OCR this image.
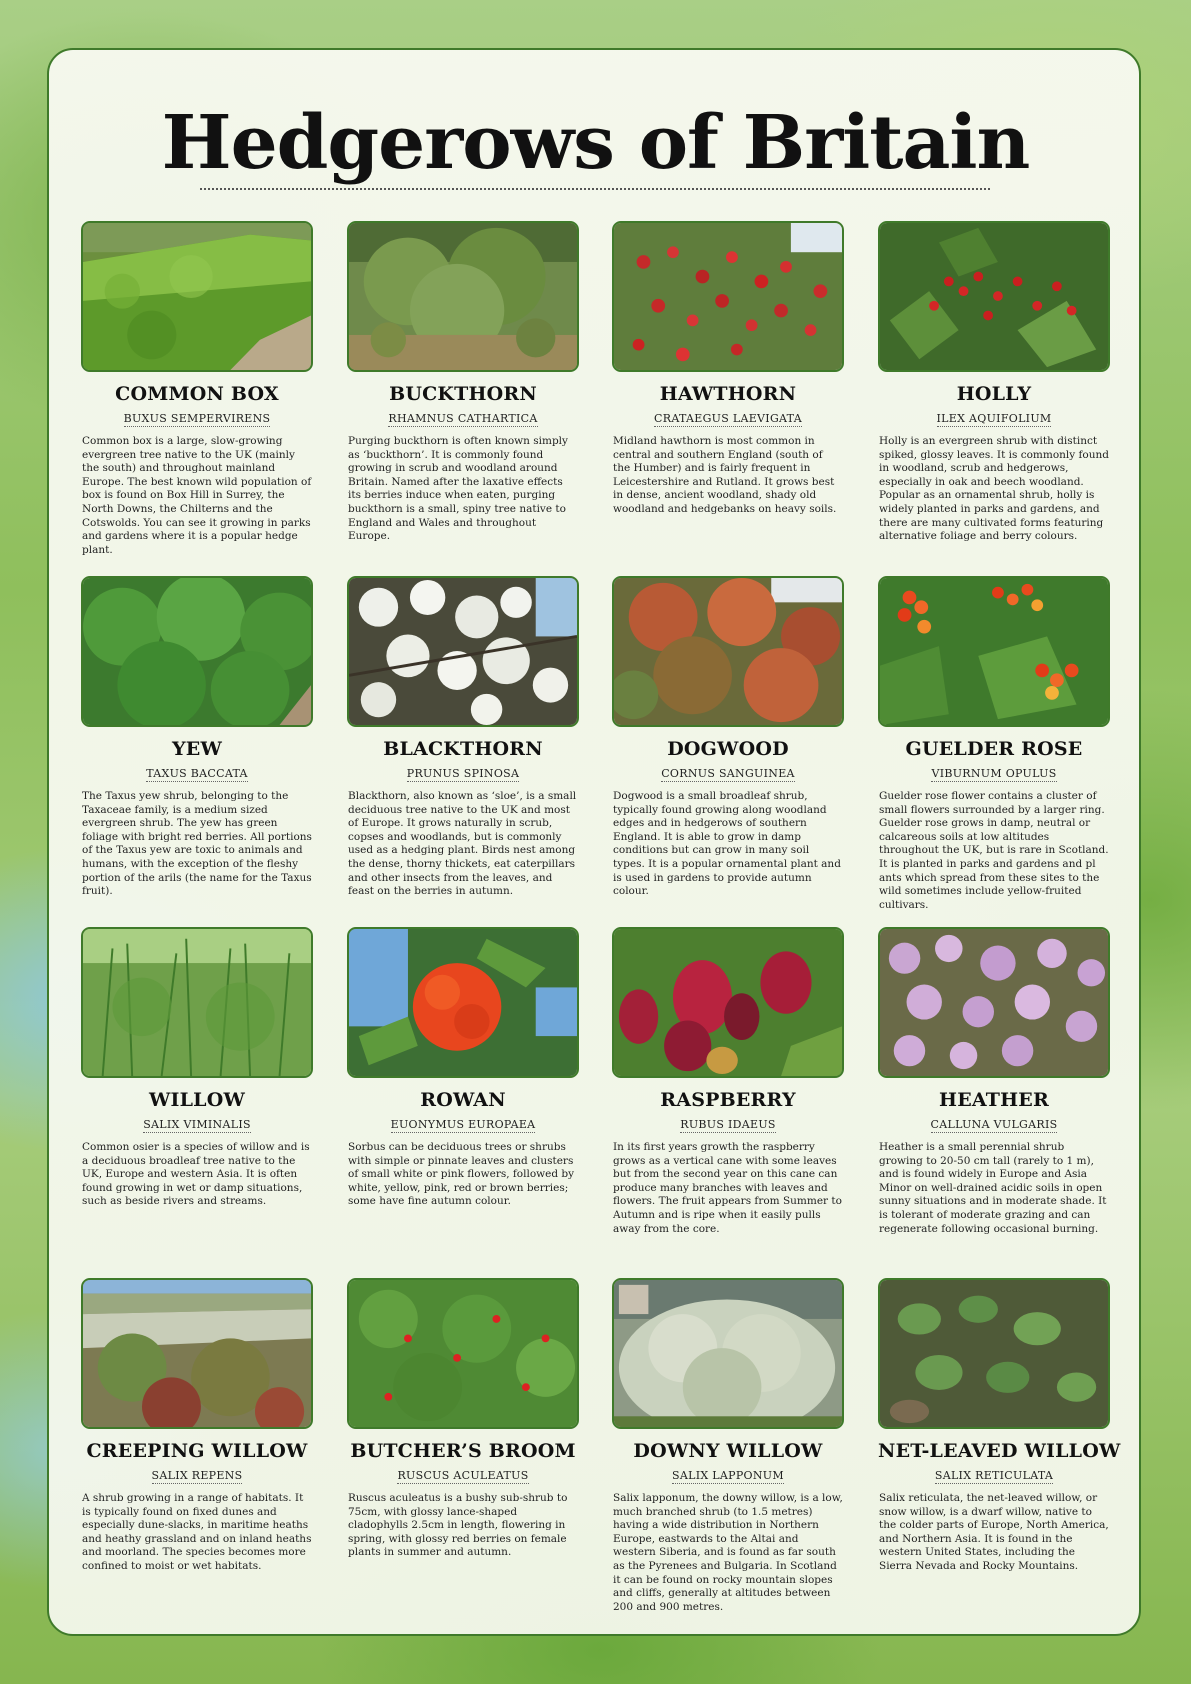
Hedgerows of Britain
COMMON BOX
BUXUS SEMPERVIRENS

Common box is a large, slow-growing evergreen tree native to the UK (mainly the south) and throughout mainland Europe. The best known wild population of box is found on Box Hill in Surrey, the North Downs, the Chilterns and the Cotswolds. You can see it growing in parks and gardens where it is a popular hedge plant.

BUCKTHORN
RHAMNUS CATHARTICA

Purging buckthorn is often known simply as ‘buckthorn’. It is commonly found growing in scrub and woodland around Britain. Named after the laxative effects its berries induce when eaten, purging buckthorn is a small, spiny tree native to England and Wales and throughout Europe.

HAWTHORN
CRATAEGUS LAEVIGATA

Midland hawthorn is most common in central and southern England (south of the Humber) and is fairly frequent in Leicestershire and Rutland. It grows best in dense, ancient woodland, shady old woodland and hedgebanks on heavy soils.

HOLLY
ILEX AQUIFOLIUM

Holly is an evergreen shrub with distinct spiked, glossy leaves. It is commonly found in woodland, scrub and hedgerows, especially in oak and beech woodland. Popular as an ornamental shrub, holly is widely planted in parks and gardens, and there are many cultivated forms featuring alternative foliage and berry colours.

YEW
TAXUS BACCATA

The Taxus yew shrub, belonging to the Taxaceae family, is a medium sized evergreen shrub. The yew has green foliage with bright red berries. All portions of the Taxus yew are toxic to animals and humans, with the exception of the fleshy portion of the arils (the name for the Taxus fruit).

BLACKTHORN
PRUNUS SPINOSA

Blackthorn, also known as ‘sloe’, is a small deciduous tree native to the UK and most of Europe. It grows naturally in scrub, copses and woodlands, but is commonly used as a hedging plant. Birds nest among the dense, thorny thickets, eat caterpillars and other insects from the leaves, and feast on the berries in autumn.

DOGWOOD
CORNUS SANGUINEA

Dogwood is a small broadleaf shrub, typically found growing along woodland edges and in hedgerows of southern England. It is able to grow in damp conditions but can grow in many soil types. It is a popular ornamental plant and is used in gardens to provide autumn colour.

GUELDER ROSE
VIBURNUM OPULUS

Guelder rose flower contains a cluster of small flowers surrounded by a larger ring. Guelder rose grows in damp, neutral or calcareous soils at low altitudes throughout the UK, but is rare in Scotland. It is planted in parks and gardens and pl ants which spread from these sites to the wild sometimes include yellow-fruited cultivars.

WILLOW
SALIX VIMINALIS

Common osier is a species of willow and is a deciduous broadleaf tree native to the UK, Europe and western Asia. It is often found growing in wet or damp situations, such as beside rivers and streams.

ROWAN
EUONYMUS EUROPAEA

Sorbus can be deciduous trees or shrubs with simple or pinnate leaves and clusters of small white or pink flowers, followed by white, yellow, pink, red or brown berries; some have fine autumn colour.

RASPBERRY
RUBUS IDAEUS

In its first years growth the raspberry grows as a vertical cane with some leaves but from the second year on this cane can produce many branches with leaves and flowers. The fruit appears from Summer to Autumn and is ripe when it easily pulls away from the core.

HEATHER
CALLUNA VULGARIS

Heather is a small perennial shrub growing to 20-50 cm tall (rarely to 1 m), and is found widely in Europe and Asia Minor on well-drained acidic soils in open sunny situations and in moderate shade. It is tolerant of moderate grazing and can regenerate following occasional burning.

CREEPING WILLOW
SALIX REPENS

A shrub growing in a range of habitats. It is typically found on fixed dunes and especially dune-slacks, in maritime heaths and heathy grassland and on inland heaths and moorland. The species becomes more confined to moist or wet habitats.

BUTCHER’S BROOM
RUSCUS ACULEATUS

Ruscus aculeatus is a bushy sub-shrub to 75cm, with glossy lance-shaped cladophylls 2.5cm in length, flowering in spring, with glossy red berries on female plants in summer and autumn.

DOWNY WILLOW
SALIX LAPPONUM

Salix lapponum, the downy willow, is a low, much branched shrub (to 1.5 metres) having a wide distribution in Northern Europe, eastwards to the Altai and western Siberia, and is found as far south as the Pyrenees and Bulgaria. In Scotland it can be found on rocky mountain slopes and cliffs, generally at altitudes between 200 and 900 metres.

NET-LEAVED WILLOW
SALIX RETICULATA

Salix reticulata, the net-leaved willow, or snow willow, is a dwarf willow, native to the colder parts of Europe, North America, and Northern Asia. It is found in the western United States, including the Sierra Nevada and Rocky Mountains.
